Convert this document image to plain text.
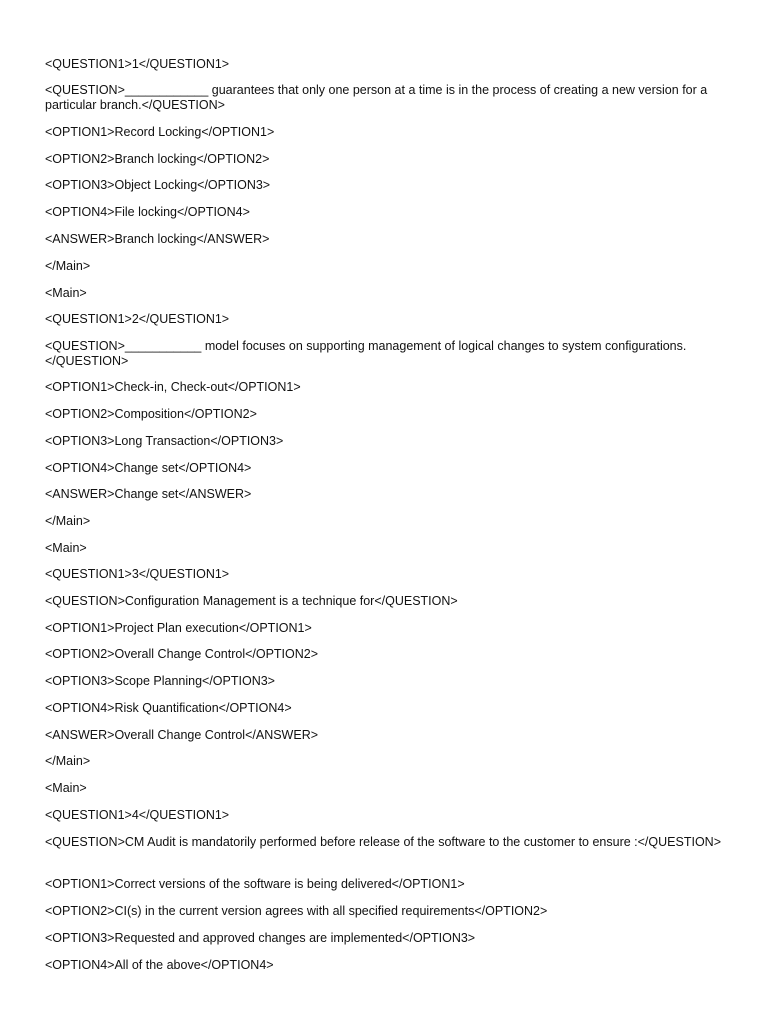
<QUESTION1>1</QUESTION1>
<QUESTION>____________ guarantees that only one person at a time is in the process of creating a new version for a particular branch.</QUESTION>
<OPTION1>Record Locking</OPTION1>
<OPTION2>Branch locking</OPTION2>
<OPTION3>Object Locking</OPTION3>
<OPTION4>File locking</OPTION4>
<ANSWER>Branch locking</ANSWER>
</Main>
<Main>
<QUESTION1>2</QUESTION1>
<QUESTION>___________ model focuses on supporting management of logical changes to system configurations.</QUESTION>
<OPTION1>Check-in, Check-out</OPTION1>
<OPTION2>Composition</OPTION2>
<OPTION3>Long Transaction</OPTION3>
<OPTION4>Change set</OPTION4>
<ANSWER>Change set</ANSWER>
</Main>
<Main>
<QUESTION1>3</QUESTION1>
<QUESTION>Configuration Management is a technique for</QUESTION>
<OPTION1>Project Plan execution</OPTION1>
<OPTION2>Overall Change Control</OPTION2>
<OPTION3>Scope Planning</OPTION3>
<OPTION4>Risk Quantification</OPTION4>
<ANSWER>Overall Change Control</ANSWER>
</Main>
<Main>
<QUESTION1>4</QUESTION1>
<QUESTION>CM Audit is mandatorily performed before release of the software to the customer to ensure :</QUESTION>
<OPTION1>Correct versions of the software is being delivered</OPTION1>
<OPTION2>CI(s) in the current version agrees with all specified requirements</OPTION2>
<OPTION3>Requested and approved changes are implemented</OPTION3>
<OPTION4>All of the above</OPTION4>
